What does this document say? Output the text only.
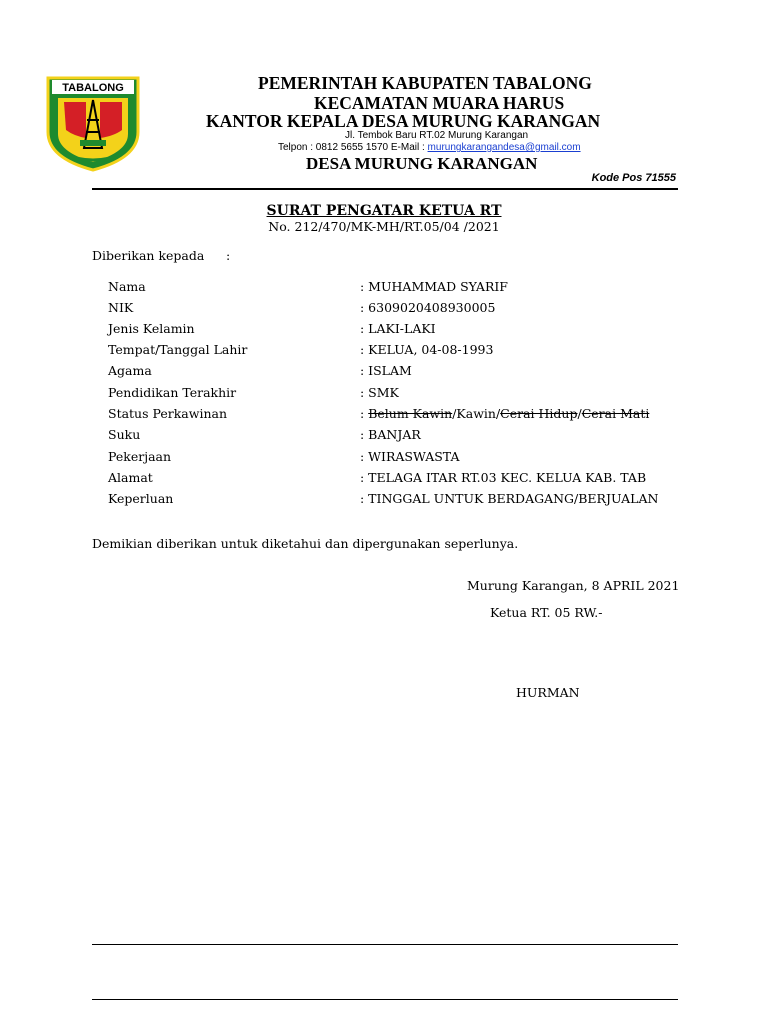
TABALONG	PEMERINTAH KABUPATEN TABALONG
KECAMATAN MUARA HARUS
KANTOR KEPALA DESA MURUNG KARANGAN
Jl. Tembok Baru RT.02 Murung Karangan
Telpon : 0812 5655 1570 E-Mail : murungkarangandesa@gmail.com
DESA MURUNG KARANGAN
Kode Pos 71555
SURAT PENGATAR KETUA RT
No. 212/470/MK-MH/RT.05/04 /2021
Diberikan kepada :
Nama	: MUHAMMAD SYARIF
NIK	: 6309020408930005
Jenis Kelamin	: LAKI-LAKI
Tempat/Tanggal Lahir	: KELUA, 04-08-1993
Agama	: ISLAM
Pendidikan Terakhir	: SMK
Status Perkawinan	: Belum Kawin/Kawin/Cerai Hidup/Cerai Mati
Suku	: BANJAR
Pekerjaan	: WIRASWASTA
Alamat	: TELAGA ITAR RT.03 KEC. KELUA KAB. TAB
Keperluan	: TINGGAL UNTUK BERDAGANG/BERJUALAN
Demikian diberikan untuk diketahui dan dipergunakan seperlunya.
Murung Karangan, 8 APRIL 2021
Ketua RT. 05 RW.-
HURMAN
